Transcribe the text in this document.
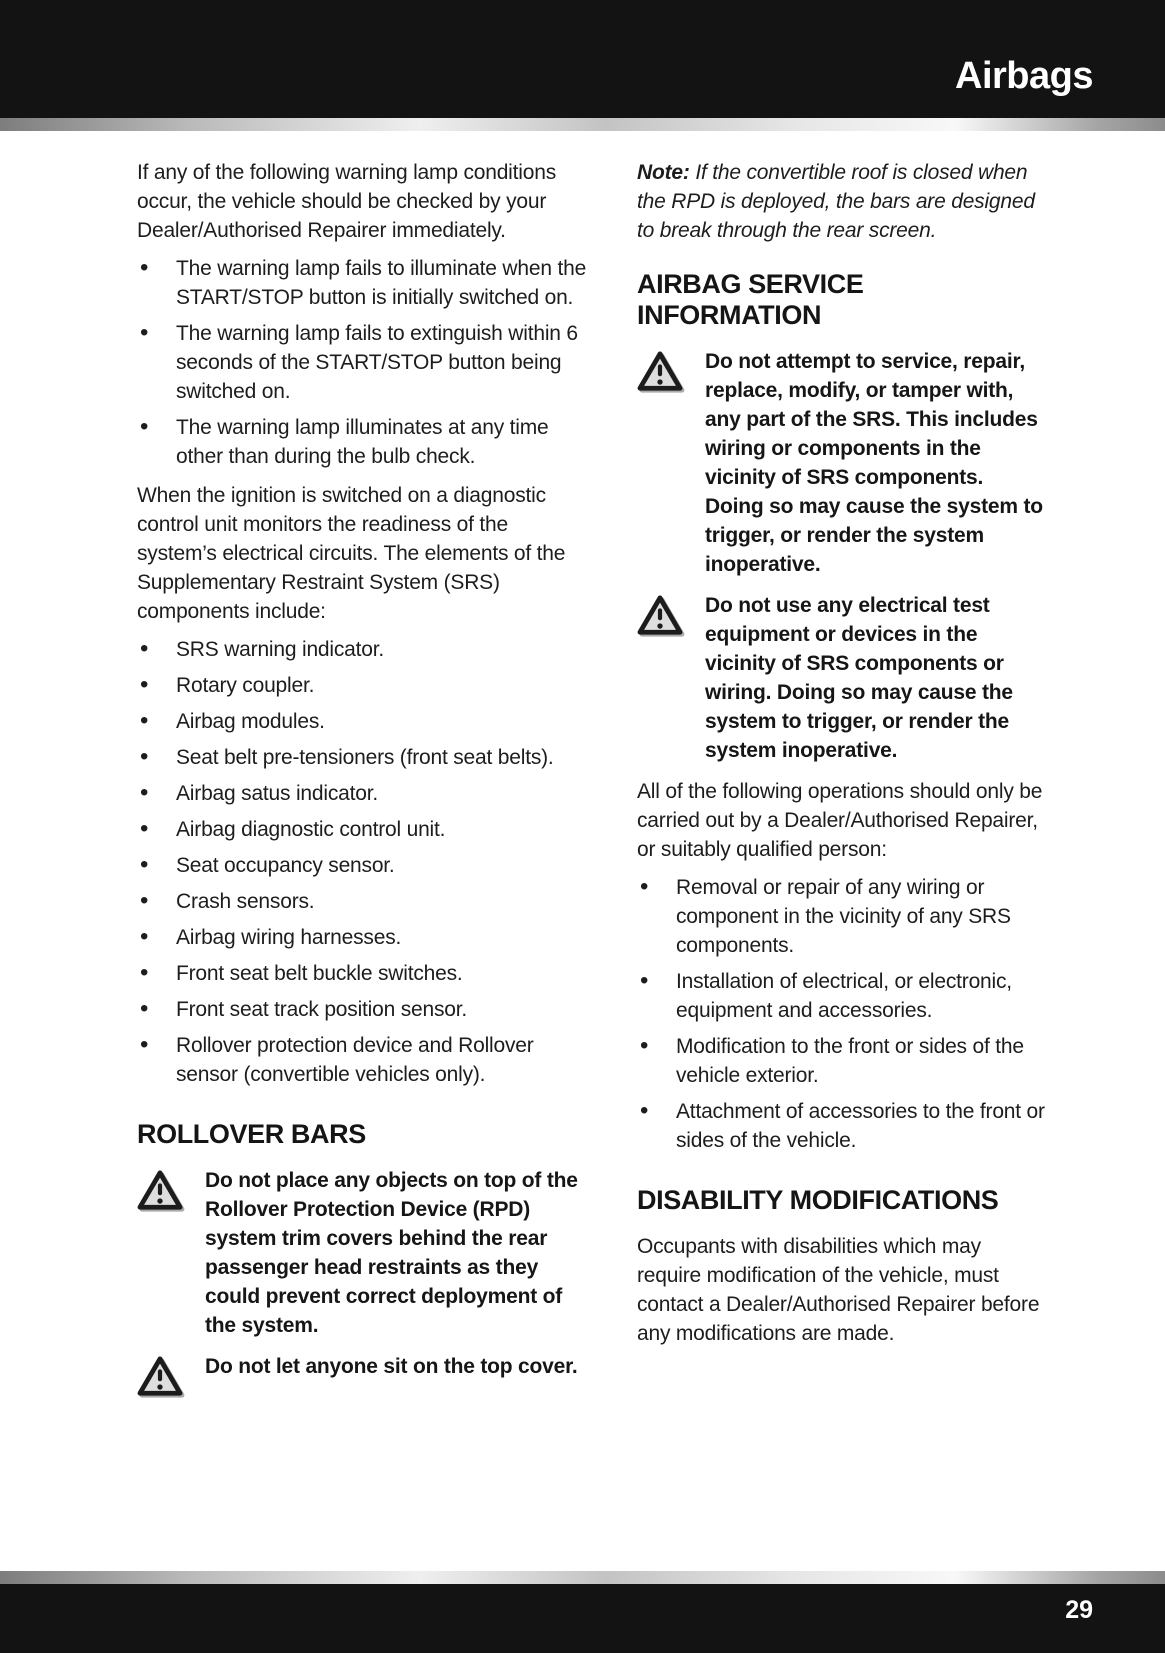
Airbags

If any of the following warning lamp conditions occur, the vehicle should be checked by your Dealer/Authorised Repairer immediately.

• The warning lamp fails to illuminate when the START/STOP button is initially switched on.
• The warning lamp fails to extinguish within 6 seconds of the START/STOP button being switched on.
• The warning lamp illuminates at any time other than during the bulb check.

When the ignition is switched on a diagnostic control unit monitors the readiness of the system’s electrical circuits. The elements of the Supplementary Restraint System (SRS) components include:

• SRS warning indicator.
• Rotary coupler.
• Airbag modules.
• Seat belt pre-tensioners (front seat belts).
• Airbag satus indicator.
• Airbag diagnostic control unit.
• Seat occupancy sensor.
• Crash sensors.
• Airbag wiring harnesses.
• Front seat belt buckle switches.
• Front seat track position sensor.
• Rollover protection device and Rollover sensor (convertible vehicles only).
ROLLOVER BARS

Do not place any objects on top of the Rollover Protection Device (RPD) system trim covers behind the rear passenger head restraints as they could prevent correct deployment of the system.

Do not let anyone sit on the top cover.

Note: If the convertible roof is closed when the RPD is deployed, the bars are designed to break through the rear screen.

AIRBAG SERVICE INFORMATION

Do not attempt to service, repair, replace, modify, or tamper with, any part of the SRS. This includes wiring or components in the vicinity of SRS components. Doing so may cause the system to trigger, or render the system inoperative.

Do not use any electrical test equipment or devices in the vicinity of SRS components or wiring. Doing so may cause the system to trigger, or render the system inoperative.

All of the following operations should only be carried out by a Dealer/Authorised Repairer, or suitably qualified person:

• Removal or repair of any wiring or component in the vicinity of any SRS components.
• Installation of electrical, or electronic, equipment and accessories.
• Modification to the front or sides of the vehicle exterior.
• Attachment of accessories to the front or sides of the vehicle.
DISABILITY MODIFICATIONS

Occupants with disabilities which may require modification of the vehicle, must contact a Dealer/Authorised Repairer before any modifications are made.

29
